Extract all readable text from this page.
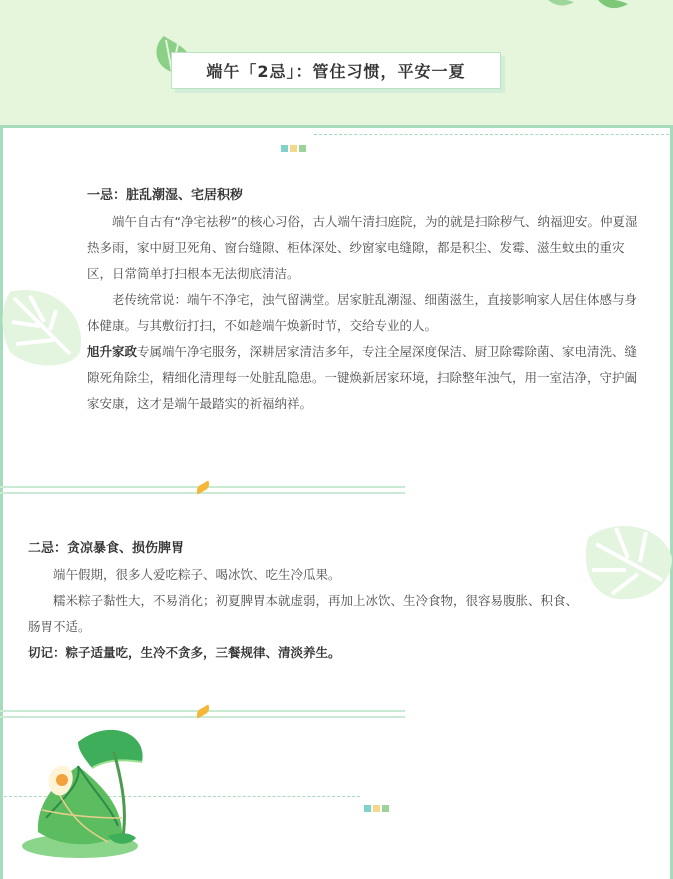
端午「2忌」：管住习惯，平安一夏

一忌：脏乱潮湿、宅居积秽

端午自古有“净宅祛秽”的核心习俗，古人端午清扫庭院，为的就是扫除秽气、纳福迎安。仲夏湿热多雨，家中厨卫死角、窗台缝隙、柜体深处、纱窗家电缝隙，都是积尘、发霉、滋生蚊虫的重灾区，日常简单打扫根本无法彻底清洁。

老传统常说：端午不净宅，浊气留满堂。居家脏乱潮湿、细菌滋生，直接影响家人居住体感与身体健康。与其敷衍打扫，不如趁端午焕新时节，交给专业的人。

旭升家政专属端午净宅服务，深耕居家清洁多年，专注全屋深度保洁、厨卫除霉除菌、家电清洗、缝隙死角除尘，精细化清理每一处脏乱隐患。一键焕新居家环境，扫除整年浊气，用一室洁净，守护阖家安康，这才是端午最踏实的祈福纳祥。

二忌：贪凉暴食、损伤脾胃

端午假期，很多人爱吃粽子、喝冰饮、吃生冷瓜果。

糯米粽子黏性大，不易消化；初夏脾胃本就虚弱，再加上冰饮、生冷食物，很容易腹胀、积食、肠胃不适。

切记：粽子适量吃，生冷不贪多，三餐规律、清淡养生。
